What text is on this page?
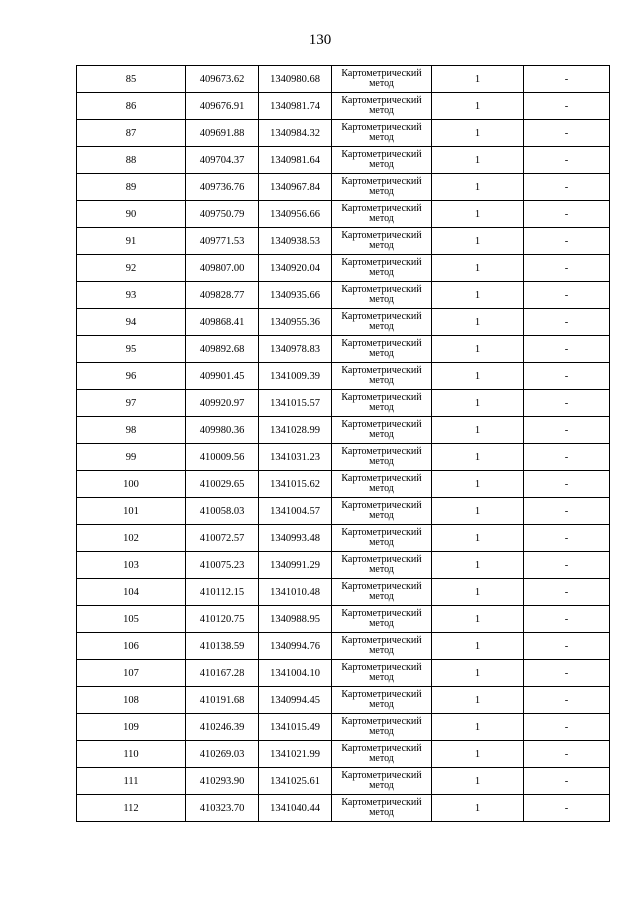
130
85	409673.62	1340980.68	Картометрический метод	1	-
86	409676.91	1340981.74	Картометрический метод	1	-
87	409691.88	1340984.32	Картометрический метод	1	-
88	409704.37	1340981.64	Картометрический метод	1	-
89	409736.76	1340967.84	Картометрический метод	1	-
90	409750.79	1340956.66	Картометрический метод	1	-
91	409771.53	1340938.53	Картометрический метод	1	-
92	409807.00	1340920.04	Картометрический метод	1	-
93	409828.77	1340935.66	Картометрический метод	1	-
94	409868.41	1340955.36	Картометрический метод	1	-
95	409892.68	1340978.83	Картометрический метод	1	-
96	409901.45	1341009.39	Картометрический метод	1	-
97	409920.97	1341015.57	Картометрический метод	1	-
98	409980.36	1341028.99	Картометрический метод	1	-
99	410009.56	1341031.23	Картометрический метод	1	-
100	410029.65	1341015.62	Картометрический метод	1	-
101	410058.03	1341004.57	Картометрический метод	1	-
102	410072.57	1340993.48	Картометрический метод	1	-
103	410075.23	1340991.29	Картометрический метод	1	-
104	410112.15	1341010.48	Картометрический метод	1	-
105	410120.75	1340988.95	Картометрический метод	1	-
106	410138.59	1340994.76	Картометрический метод	1	-
107	410167.28	1341004.10	Картометрический метод	1	-
108	410191.68	1340994.45	Картометрический метод	1	-
109	410246.39	1341015.49	Картометрический метод	1	-
110	410269.03	1341021.99	Картометрический метод	1	-
111	410293.90	1341025.61	Картометрический метод	1	-
112	410323.70	1341040.44	Картометрический метод	1	-
